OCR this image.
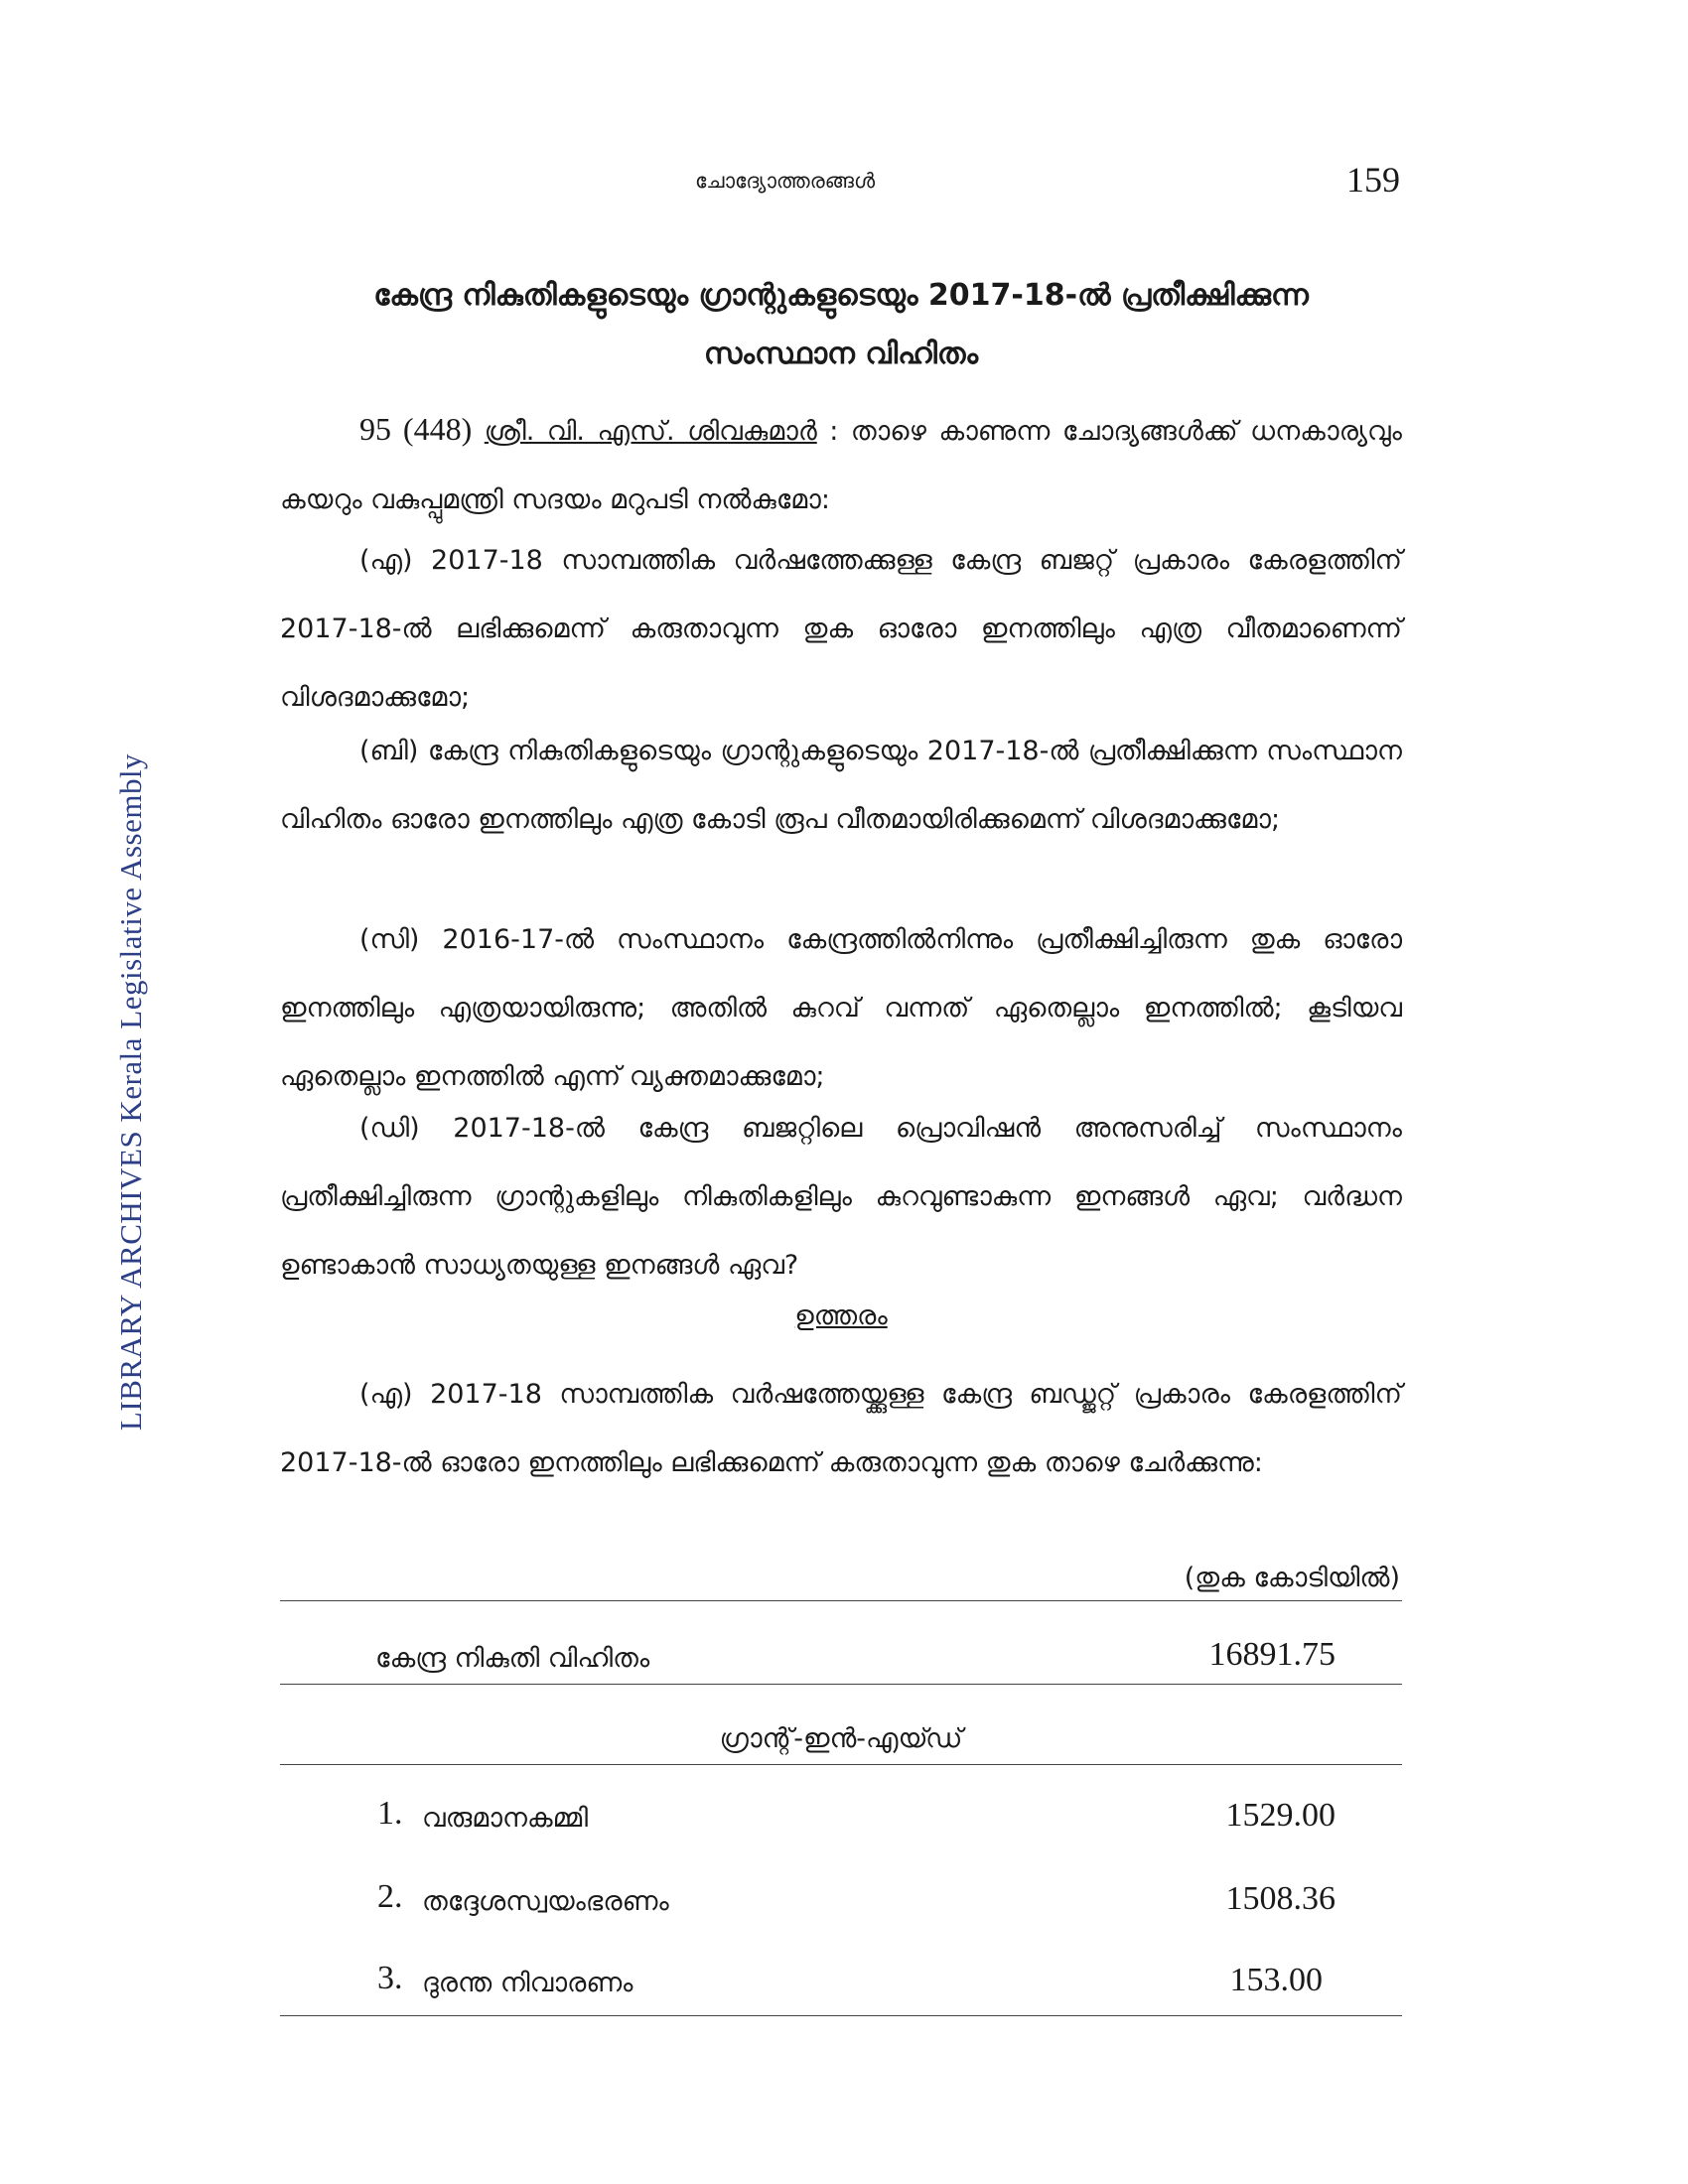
LIBRARY ARCHIVES Kerala Legislative Assembly
ചോദ്യോത്തരങ്ങൾ	159
കേന്ദ്ര നികുതികളുടെയും ഗ്രാന്റുകളുടെയും 2017-18-ൽ പ്രതീക്ഷിക്കുന്ന
സംസ്ഥാന വിഹിതം

95 (448) ശ്രീ. വി. എസ്. ശിവകുമാർ : താഴെ കാണുന്ന ചോദ്യങ്ങൾക്ക് ധനകാര്യവും കയറും വകുപ്പുമന്ത്രി സദയം മറുപടി നൽകുമോ:

(എ) 2017-18 സാമ്പത്തിക വർഷത്തേക്കുള്ള കേന്ദ്ര ബജറ്റ് പ്രകാരം കേരളത്തിന് 2017-18-ൽ ലഭിക്കുമെന്ന് കരുതാവുന്ന തുക ഓരോ ഇനത്തിലും എത്ര വീതമാണെന്ന് വിശദമാക്കുമോ;

(ബി) കേന്ദ്ര നികുതികളുടെയും ഗ്രാന്റുകളുടെയും 2017-18-ൽ പ്രതീക്ഷിക്കുന്ന സംസ്ഥാന വിഹിതം ഓരോ ഇനത്തിലും എത്ര കോടി രൂപ വീതമായിരിക്കുമെന്ന് വിശദമാക്കുമോ;

(സി) 2016-17-ൽ സംസ്ഥാനം കേന്ദ്രത്തിൽനിന്നും പ്രതീക്ഷിച്ചിരുന്ന തുക ഓരോ ഇനത്തിലും എത്രയായിരുന്നു; അതിൽ കുറവ് വന്നത് ഏതെല്ലാം ഇനത്തിൽ; കൂടിയവ ഏതെല്ലാം ഇനത്തിൽ എന്ന് വ്യക്തമാക്കുമോ;

(ഡി) 2017-18-ൽ കേന്ദ്ര ബജറ്റിലെ പ്രൊവിഷൻ അനുസരിച്ച് സംസ്ഥാനം പ്രതീക്ഷിച്ചിരുന്ന ഗ്രാന്റുകളിലും നികുതികളിലും കുറവുണ്ടാകുന്ന ഇനങ്ങൾ ഏവ; വർദ്ധന ഉണ്ടാകാൻ സാധ്യതയുള്ള ഇനങ്ങൾ ഏവ?

ഉത്തരം

(എ) 2017-18 സാമ്പത്തിക വർഷത്തേയ്ക്കുള്ള കേന്ദ്ര ബഡ്ജറ്റ് പ്രകാരം കേരളത്തിന് 2017-18-ൽ ഓരോ ഇനത്തിലും ലഭിക്കുമെന്ന് കരുതാവുന്ന തുക താഴെ ചേർക്കുന്നു:

(തുക കോടിയിൽ)
കേന്ദ്ര നികുതി വിഹിതം	16891.75
ഗ്രാന്റ്-ഇൻ-എയ്ഡ്
1. വരുമാനകമ്മി	1529.00
2. തദ്ദേശസ്വയംഭരണം	1508.36
3. ദുരന്ത നിവാരണം	153.00
